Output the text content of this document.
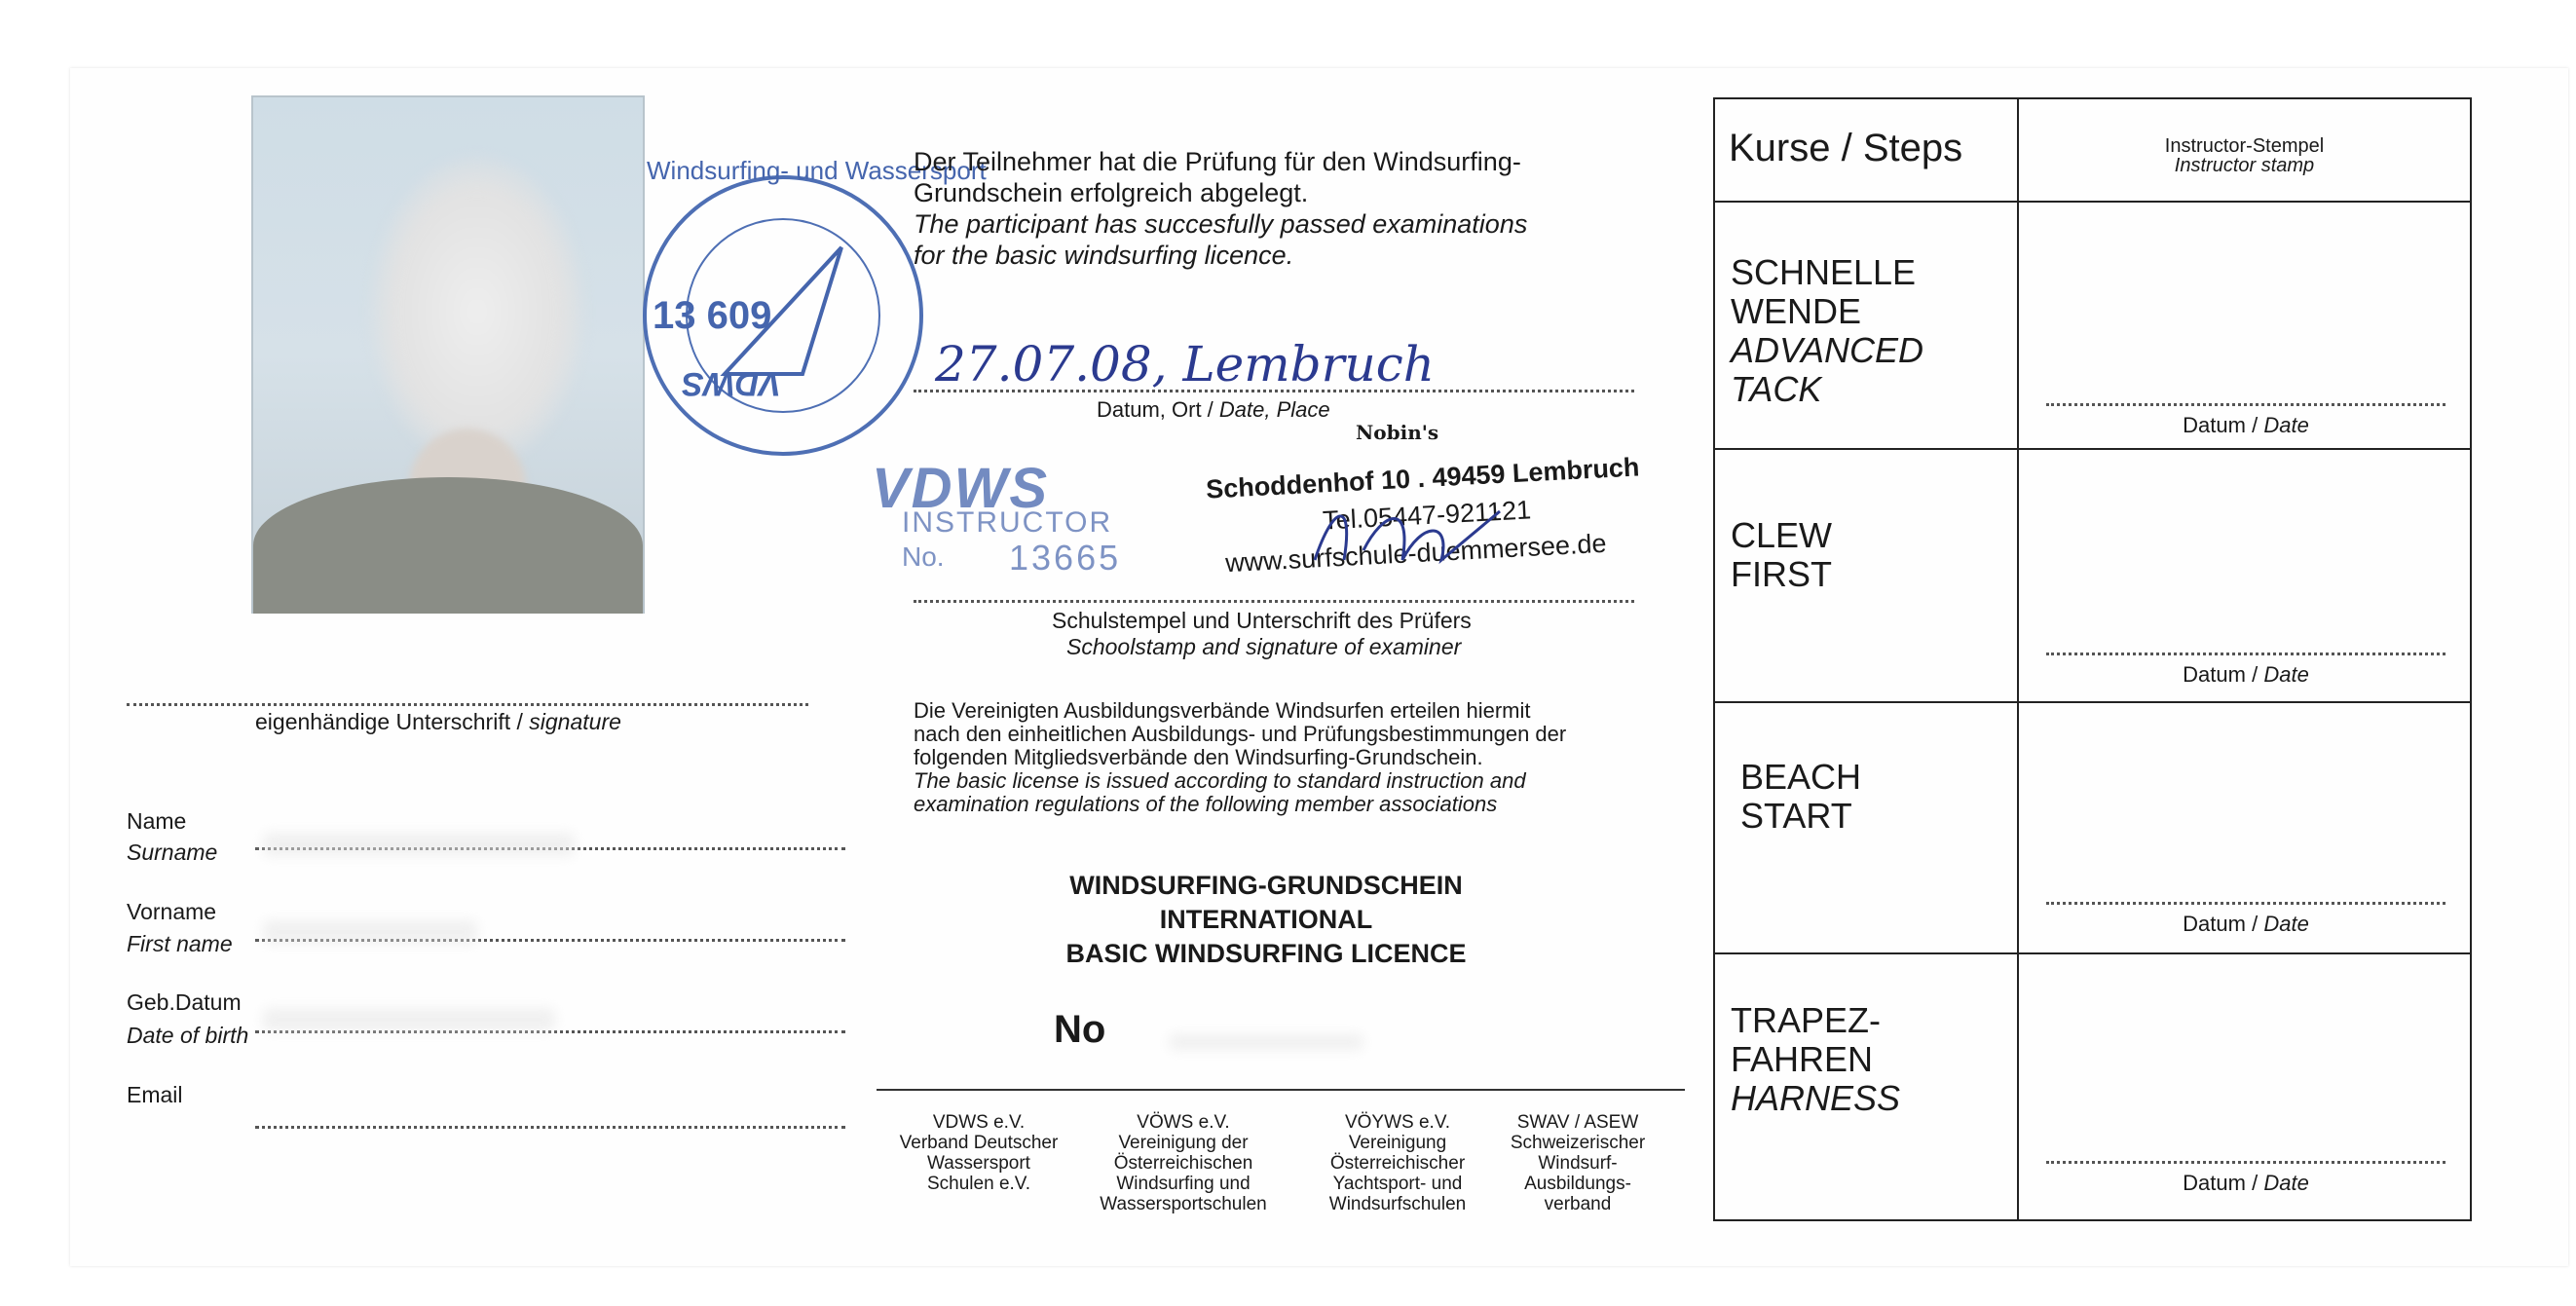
Windsurfing- und Wassersport
13 609
VDWS
eigenhändige Unterschrift / signature
Name
Surname
Vorname
First name
Geb.Datum
Date of birth
Email
Der Teilnehmer hat die Prüfung für den Windsurfing-
Grundschein erfolgreich abgelegt.
The participant has succesfully passed examinations
for the basic windsurfing licence.
27.07.08, Lembruch
Datum, Ort / Date, Place
Nobin's
Schoddenhof 10 . 49459 Lembruch
Tel.05447-921121
www.surfschule-duemmersee.de
VDWS
INSTRUCTOR
No. 13665
Schulstempel und Unterschrift des Prüfers
Schoolstamp and signature of examiner
Die Vereinigten Ausbildungsverbände Windsurfen erteilen hiermit
nach den einheitlichen Ausbildungs- und Prüfungsbestimmungen der
folgenden Mitgliedsverbände den Windsurfing-Grundschein.
The basic license is issued according to standard instruction and
examination regulations of the following member associations
WINDSURFING-GRUNDSCHEIN
INTERNATIONAL
BASIC WINDSURFING LICENCE
No
VDWS e.V.
Verband Deutscher
Wassersport
Schulen e.V.
VÖWS e.V.
Vereinigung der
Österreichischen
Windsurfing und
Wassersportschulen
VÖYWS e.V.
Vereinigung
Österreichischer
Yachtsport- und
Windsurfschulen
SWAV / ASEW
Schweizerischer
Windsurf-
Ausbildungs-
verband
Kurse / Steps	Instructor-Stempel
Instructor stamp
SCHNELLE
WENDE
ADVANCED
TACK
Datum / Date
CLEW
FIRST
Datum / Date
BEACH
START
Datum / Date
TRAPEZ-
FAHREN
HARNESS
Datum / Date
